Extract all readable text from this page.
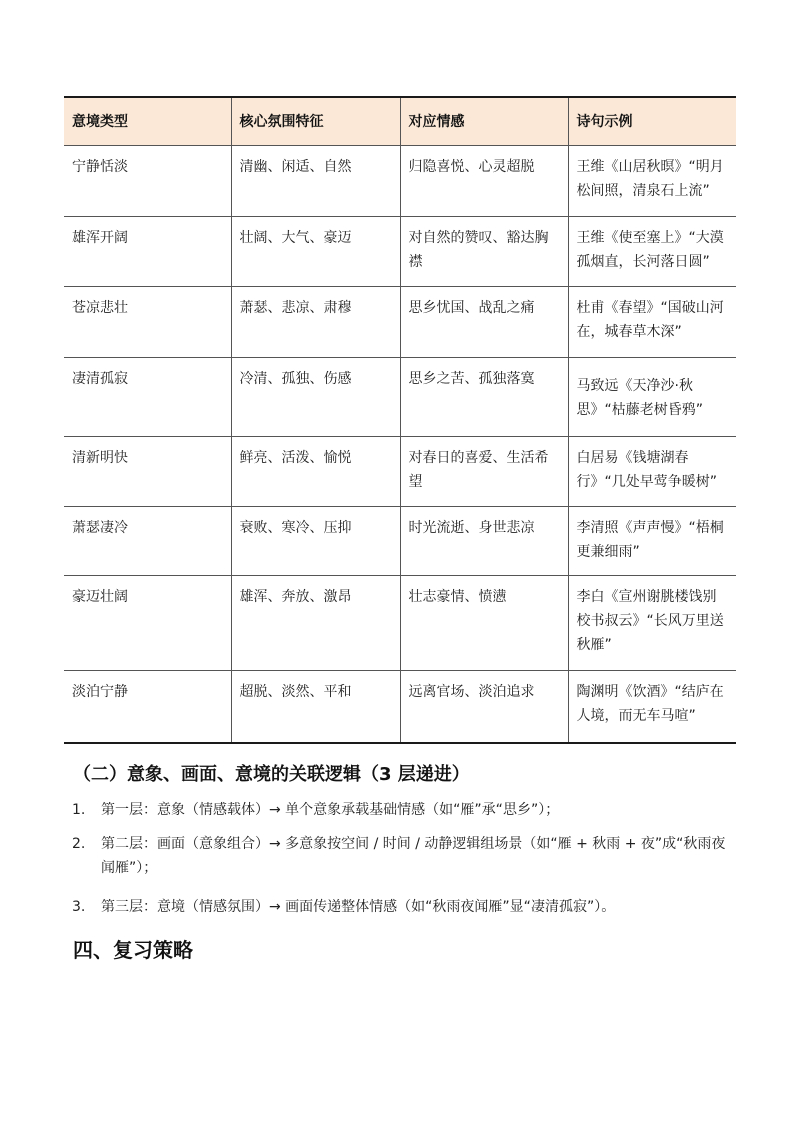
意境类型	核心氛围特征	对应情感	诗句示例
宁静恬淡	清幽、闲适、自然	归隐喜悦、心灵超脱	王维《山居秋暝》“明月松间照，清泉石上流”
雄浑开阔	壮阔、大气、豪迈	对自然的赞叹、豁达胸襟	王维《使至塞上》“大漠孤烟直，长河落日圆”
苍凉悲壮	萧瑟、悲凉、肃穆	思乡忧国、战乱之痛	杜甫《春望》“国破山河在，城春草木深”
凄清孤寂	冷清、孤独、伤感	思乡之苦、孤独落寞	马致远《天净沙·秋思》“枯藤老树昏鸦”
清新明快	鲜亮、活泼、愉悦	对春日的喜爱、生活希望	白居易《钱塘湖春行》“几处早莺争暖树”
萧瑟凄冷	衰败、寒冷、压抑	时光流逝、身世悲凉	李清照《声声慢》“梧桐更兼细雨”
豪迈壮阔	雄浑、奔放、激昂	壮志豪情、愤懑	李白《宣州谢朓楼饯别校书叔云》“长风万里送秋雁”
淡泊宁静	超脱、淡然、平和	远离官场、淡泊追求	陶渊明《饮酒》“结庐在人境，而无车马喧”
（二）意象、画面、意境的关联逻辑（3 层递进）
1. 第一层：意象（情感载体）→ 单个意象承载基础情感（如“雁”承“思乡”）；
2. 第二层：画面（意象组合）→ 多意象按空间 / 时间 / 动静逻辑组场景（如“雁 + 秋雨 + 夜”成“秋雨夜闻雁”）；
3. 第三层：意境（情感氛围）→ 画面传递整体情感（如“秋雨夜闻雁”显“凄清孤寂”）。
四、复习策略
